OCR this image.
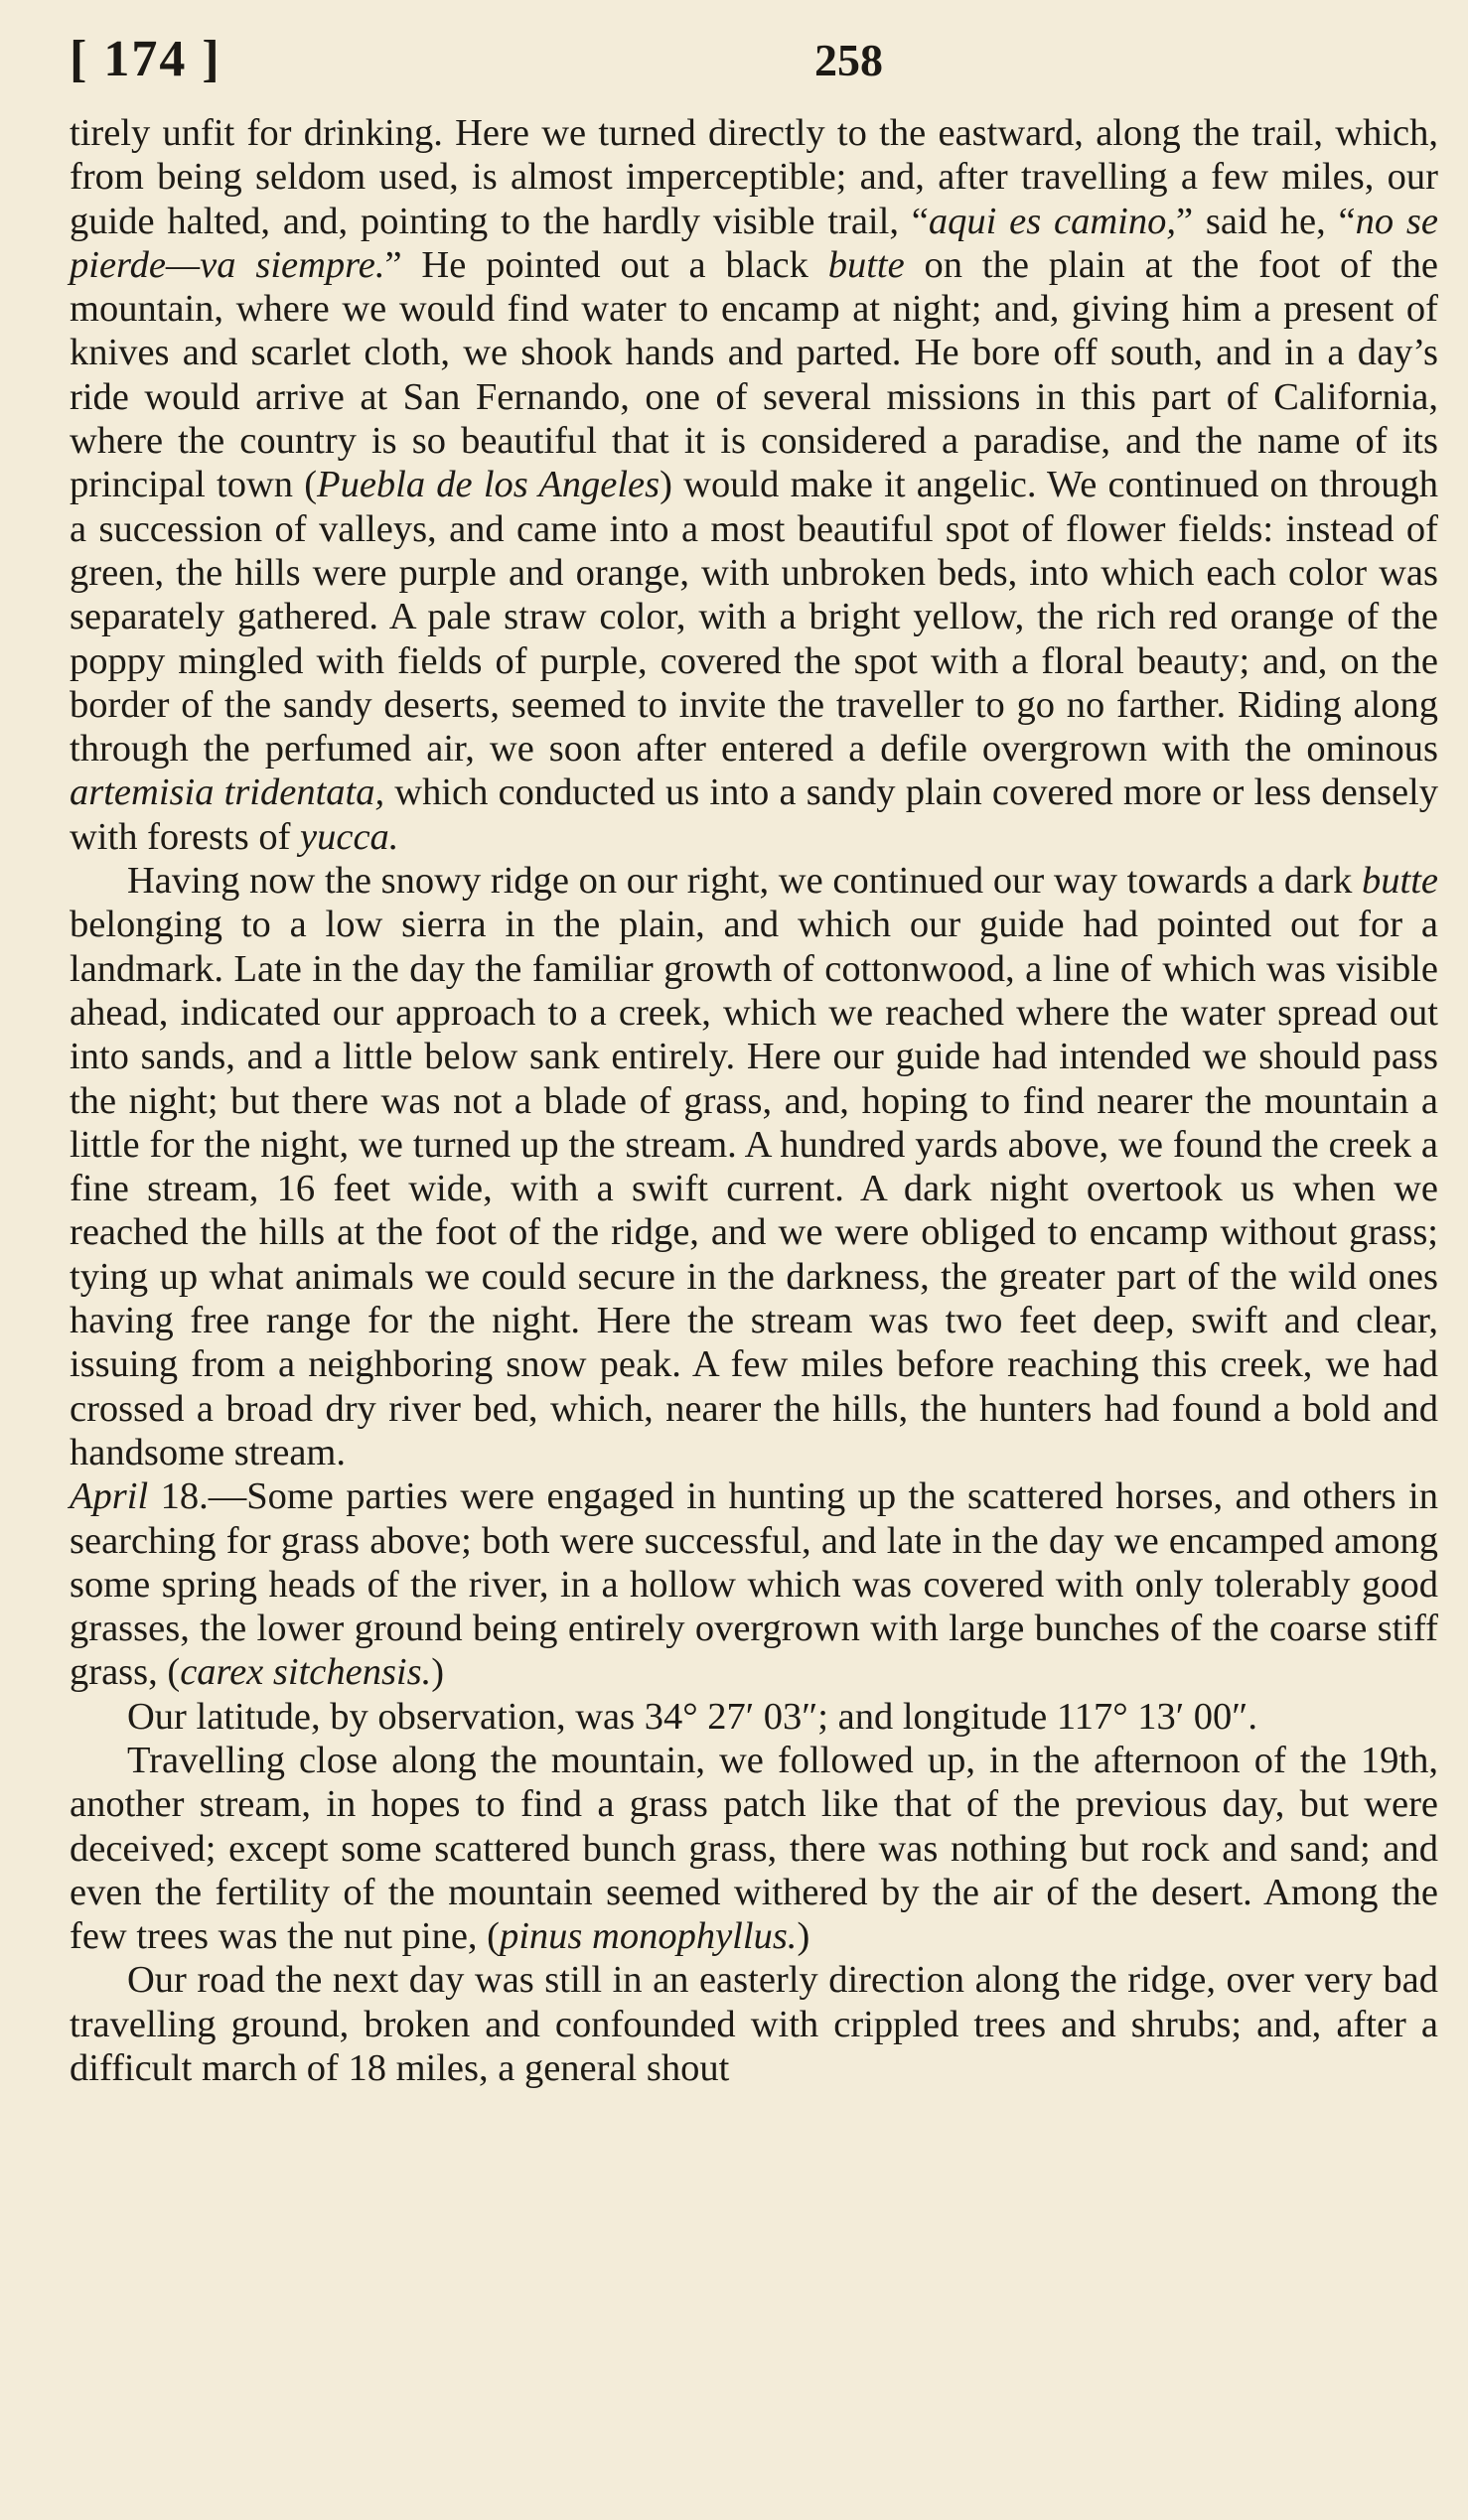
[ 174 ]	258

tirely unfit for drinking. Here we turned directly to the eastward, along the trail, which, from being seldom used, is almost imperceptible; and, after travelling a few miles, our guide halted, and, pointing to the hardly visible trail, “aqui es camino,” said he, “no se pierde—va siempre.” He pointed out a black butte on the plain at the foot of the mountain, where we would find water to encamp at night; and, giving him a present of knives and scarlet cloth, we shook hands and parted. He bore off south, and in a day’s ride would arrive at San Fernando, one of several missions in this part of California, where the country is so beautiful that it is considered a paradise, and the name of its principal town (Puebla de los Angeles) would make it angelic. We continued on through a succession of valleys, and came into a most beautiful spot of flower fields: instead of green, the hills were purple and orange, with unbroken beds, into which each color was separately gathered. A pale straw color, with a bright yellow, the rich red orange of the poppy mingled with fields of purple, covered the spot with a floral beauty; and, on the border of the sandy deserts, seemed to invite the traveller to go no farther. Riding along through the perfumed air, we soon after entered a defile overgrown with the ominous artemisia tridentata, which conducted us into a sandy plain covered more or less densely with forests of yucca.

Having now the snowy ridge on our right, we continued our way towards a dark butte belonging to a low sierra in the plain, and which our guide had pointed out for a landmark. Late in the day the familiar growth of cottonwood, a line of which was visible ahead, indicated our approach to a creek, which we reached where the water spread out into sands, and a little below sank entirely. Here our guide had intended we should pass the night; but there was not a blade of grass, and, hoping to find nearer the mountain a little for the night, we turned up the stream. A hundred yards above, we found the creek a fine stream, 16 feet wide, with a swift current. A dark night overtook us when we reached the hills at the foot of the ridge, and we were obliged to encamp without grass; tying up what animals we could secure in the darkness, the greater part of the wild ones having free range for the night. Here the stream was two feet deep, swift and clear, issuing from a neighboring snow peak. A few miles before reaching this creek, we had crossed a broad dry river bed, which, nearer the hills, the hunters had found a bold and handsome stream.

April 18.—Some parties were engaged in hunting up the scattered horses, and others in searching for grass above; both were successful, and late in the day we encamped among some spring heads of the river, in a hollow which was covered with only tolerably good grasses, the lower ground being entirely overgrown with large bunches of the coarse stiff grass, (carex sitchensis.)

Our latitude, by observation, was 34° 27′ 03″; and longitude 117° 13′ 00″.

Travelling close along the mountain, we followed up, in the afternoon of the 19th, another stream, in hopes to find a grass patch like that of the previous day, but were deceived; except some scattered bunch grass, there was nothing but rock and sand; and even the fertility of the mountain seemed withered by the air of the desert. Among the few trees was the nut pine, (pinus monophyllus.)

Our road the next day was still in an easterly direction along the ridge, over very bad travelling ground, broken and confounded with crippled trees and shrubs; and, after a difficult march of 18 miles, a general shout
